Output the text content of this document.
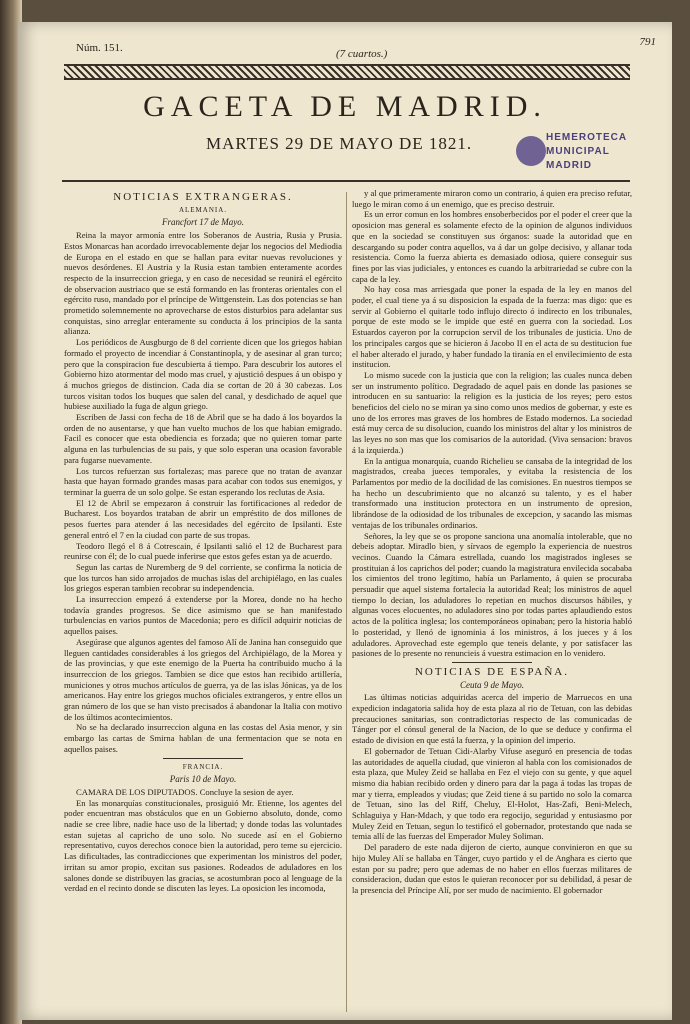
Núm. 151.	(7 cuartos.)
791
GACETA DE MADRID.
MARTES 29 DE MAYO DE 1821.	HEMEROTECA
MUNICIPAL
MADRID
NOTICIAS EXTRANGERAS.
ALEMANIA.
Francfort 17 de Mayo.

Reina la mayor armonía entre los Soberanos de Austria, Rusia y Prusia. Estos Monarcas han acordado irrevocablemente dejar los negocios del Mediodia de Europa en el estado en que se hallan para evitar nuevas revoluciones y nuevos desórdenes. El Austria y la Rusia estan tambien enteramente acordes respecto de la insurreccion griega, y en caso de necesidad se reunirá el egército de observacion austriaco que se está formando en las fronteras orientales con el egército ruso, mandado por el príncipe de Wittgenstein. Las dos potencias se han prometido solemnemente no aprovecharse de estos disturbios para adelantar sus conquistas, sino arreglar enteramente su conducta á los principios de la santa alianza.

Los periódicos de Ausgburgo de 8 del corriente dicen que los griegos habian formado el proyecto de incendiar á Constantinopla, y de asesinar al gran turco; pero que la conspiracion fue descubierta á tiempo. Para descubrir los autores el Gobierno hizo atormentar del modo mas cruel, y ajustició despues á un obispo y á muchos griegos de distincion. Cada dia se cortan de 20 á 30 cabezas. Los turcos visitan todos los buques que salen del canal, y desdichado de aquel que hubiese auxiliado la fuga de algun griego.

Escriben de Jassi con fecha de 18 de Abril que se ha dado á los boyardos la orden de no ausentarse, y que han vuelto muchos de los que habian emigrado. Facil es conocer que esta obediencia es forzada; que no quieren tomar parte alguna en las turbulencias de su pais, y que solo esperan una ocasion favorable para fugarse nuevamente.

Los turcos refuerzan sus fortalezas; mas parece que no tratan de avanzar hasta que hayan formado grandes masas para acabar con todos sus enemigos, y terminar la guerra de un solo golpe. Se estan esperando los reclutas de Asia.

El 12 de Abril se empezaron á construir las fortificaciones al rededor de Bucharest. Los boyardos trataban de abrir un empréstito de dos millones de pesos fuertes para atender á las necesidades del egército de Ipsilanti. Este general entró el 7 en la ciudad con parte de sus tropas.

Teodoro llegó el 8 á Cotrescain, é Ipsilanti salió el 12 de Bucharest para reunirse con él; de lo cual puede inferirse que estos gefes estan ya de acuerdo.

Segun las cartas de Nuremberg de 9 del corriente, se confirma la noticia de que los turcos han sido arrojados de muchas islas del archipiélago, en las cuales los griegos esperan tambien recobrar su independencia.

La insurreccion empezó á extenderse por la Morea, donde no ha hecho todavía grandes progresos. Se dice asimismo que se han manifestado turbulencias en varios puntos de Macedonia; pero es difícil adquirir noticias de aquellos paises.

Asegúrase que algunos agentes del famoso Alí de Janina han conseguido que lleguen cantidades considerables á los griegos del Archipiélago, de la Morea y de las provincias, y que este enemigo de la Puerta ha contribuido mucho á la insurreccion de los griegos. Tambien se dice que estos han recibido artillería, municiones y otros muchos artículos de guerra, ya de las islas Jónicas, ya de los americanos. Hay entre los griegos muchos oficiales extrangeros, y entre ellos un gran número de los que se han visto precisados á abandonar la Italia con motivo de los últimos acontecimientos.

No se ha declarado insurreccion alguna en las costas del Asia menor, y sin embargo las cartas de Smirna hablan de una fermentacion que se nota en aquellos paises.

FRANCIA.
Paris 10 de Mayo.

CAMARA DE LOS DIPUTADOS. Concluye la sesion de ayer.

En las monarquías constitucionales, prosiguió Mr. Etienne, los agentes del poder encuentran mas obstáculos que en un Gobierno absoluto, donde, como nadie se cree libre, nadie hace uso de la libertad; y donde todas las voluntades estan sujetas al capricho de uno solo. No sucede así en el Gobierno representativo, cuyos derechos conoce bien la autoridad, pero teme su ejercicio. Las dificultades, las contradicciones que experimentan los ministros del poder, irritan su amor propio, excitan sus pasiones. Rodeados de aduladores en los salones donde se distribuyen las gracias, se acostumbran poco al lenguage de la verdad en el recinto donde se discuten las leyes. La oposicion les incomoda,

y al que primeramente miraron como un contrario, á quien era preciso refutar, luego le miran como á un enemigo, que es preciso destruir.

Es un error comun en los hombres ensoberbecidos por el poder el creer que la oposicion mas general es solamente efecto de la opinion de algunos individuos que en la sociedad se constituyen sus órganos: suade la autoridad que en descargando su poder contra aquellos, va á dar un golpe decisivo, y allanar toda resistencia. Como la fuerza abierta es demasiado odiosa, quiere conseguir sus fines por las vias judiciales, y entonces es cuando la arbitrariedad se cubre con la capa de la ley.

No hay cosa mas arriesgada que poner la espada de la ley en manos del poder, el cual tiene ya á su disposicion la espada de la fuerza: mas digo: que es servir al Gobierno el quitarle todo influjo directo ó indirecto en los tribunales, porque de este modo se le impide que esté en guerra con la sociedad. Los Estuardos cayeron por la corrupcion servil de los tribunales de justicia. Uno de los principales cargos que se hicieron á Jacobo II en el acta de su destitucion fue el haber alterado el jurado, y haber fundado la tiranía en el envilecimiento de esta institucion.

Lo mismo sucede con la justicia que con la religion; las cuales nunca deben ser un instrumento político. Degradado de aquel pais en donde las pasiones se introducen en su santuario: la religion es la justicia de los reyes; pero estos beneficios del cielo no se miran ya sino como unos medios de gobernar, y este es uno de los errores mas graves de los hombres de Estado modernos. La sociedad está muy cerca de su disolucion, cuando los ministros del altar y los ministros de las leyes no son mas que los comisarios de la autoridad. (Viva sensacion: bravos á la izquierda.)

En la antigua monarquía, cuando Richelieu se cansaba de la integridad de los magistrados, creaba jueces temporales, y evitaba la resistencia de los Parlamentos por medio de la docilidad de las comisiones. En nuestros tiempos se ha hecho un descubrimiento que no alcanzó su talento, y es el haber transformado una institucion protectora en un instrumento de opresion, librándose de la odiosidad de los tribunales de excepcion, y sacando las mismas ventajas de los tribunales ordinarios.

Señores, la ley que se os propone sanciona una anomalía intolerable, que no debeis adoptar. Miradlo bien, y sírvaos de egemplo la experiencia de nuestros vecinos. Cuando la Cámara estrellada, cuando los magistrados ingleses se prostituian á los caprichos del poder; cuando la magistratura envilecida socababa los cimientos del trono legítimo, había un Parlamento, á quien se procuraba persuadir que aquel sistema fortalecia la autoridad Real; los ministros de aquel tiempo lo decian, los aduladores lo repetian en muchos discursos hábiles, y algunas voces elocuentes, no aduladores sino por todas partes aplaudiendo estos actos de la política inglesa; los contemporáneos opinaban; pero la historia habló lo posteridad, y llenó de ignominia á los ministros, á los jueces y á los aduladores. Aprovechad este egemplo que teneis delante, y por satisfacer las pasiones de lo presente no renuncieis á vuestra estimacion en lo venidero.

NOTICIAS DE ESPAÑA.
Ceuta 9 de Mayo.

Las últimas noticias adquiridas acerca del imperio de Marruecos en una expedicion indagatoria salida hoy de esta plaza al rio de Tetuan, con las debidas precauciones sanitarias, son contradictorias respecto de las comunicadas de Tánger por el cónsul general de la Nacion, de lo que se deduce y confirma el estado de division en que está la fuerza, y la opinion del imperio.

El gobernador de Tetuan Cidi-Alarby Vifuse aseguró en presencia de todas las autoridades de aquella ciudad, que vinieron al habla con los comisionados de esta plaza, que Muley Zeid se hallaba en Fez el viejo con su gente, y que aquel mismo dia habian recibido orden y dinero para dar la paga á todas las tropas de mar y tierra, empleados y viudas; que Zeid tiene á su partido no solo la comarca de Tetuan, sino las del Riff, Cheluy, El-Holot, Has-Zafi, Beni-Melech, Schlaguiya y Han-Mdach, y que todo era regocijo, seguridad y entusiasmo por Muley Zeid en Tetuan, segun lo testificó el gobernador, protestando que nada se temia allí de las fuerzas del Emperador Muley Soliman.

Del paradero de este nada dijeron de cierto, aunque convinieron en que su hijo Muley Alí se hallaba en Tánger, cuyo partido y el de Anghara es cierto que estan por su padre; pero que ademas de no haber en ellos fuerzas militares de consideracion, dudan que estos le quieran reconocer por su debilidad, á pesar de la presencia del Príncipe Alí, por ser mudo de nacimiento. El gobernador
